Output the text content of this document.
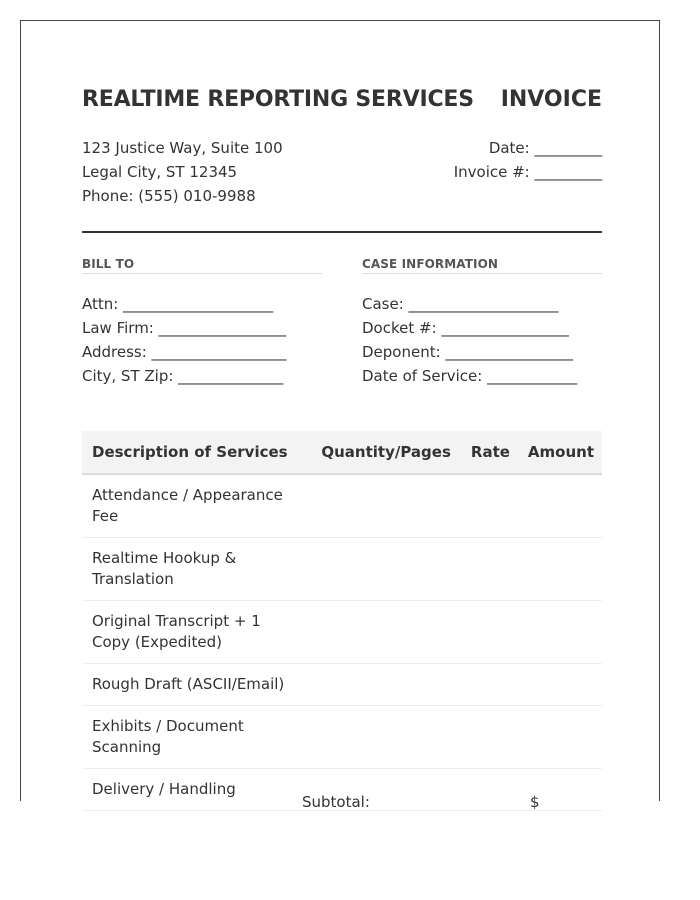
REALTIME REPORTING SERVICES INVOICE
123 Justice Way, Suite 100
Legal City, ST 12345
Phone: (555) 010-9988
Date: _________
Invoice #: _________
BILL TO
Attn: ____________________
Law Firm: _________________
Address: __________________
City, ST Zip: ______________
CASE INFORMATION
Case: ____________________
Docket #: _________________
Deponent: _________________
Date of Service: ____________
Description of Services	Quantity/Pages	Rate	Amount
Attendance / Appearance Fee			
Realtime Hookup & Translation			
Original Transcript + 1 Copy (Expedited)			
Rough Draft (ASCII/Email)			
Exhibits / Document Scanning			
Delivery / Handling			
Subtotal:	$
